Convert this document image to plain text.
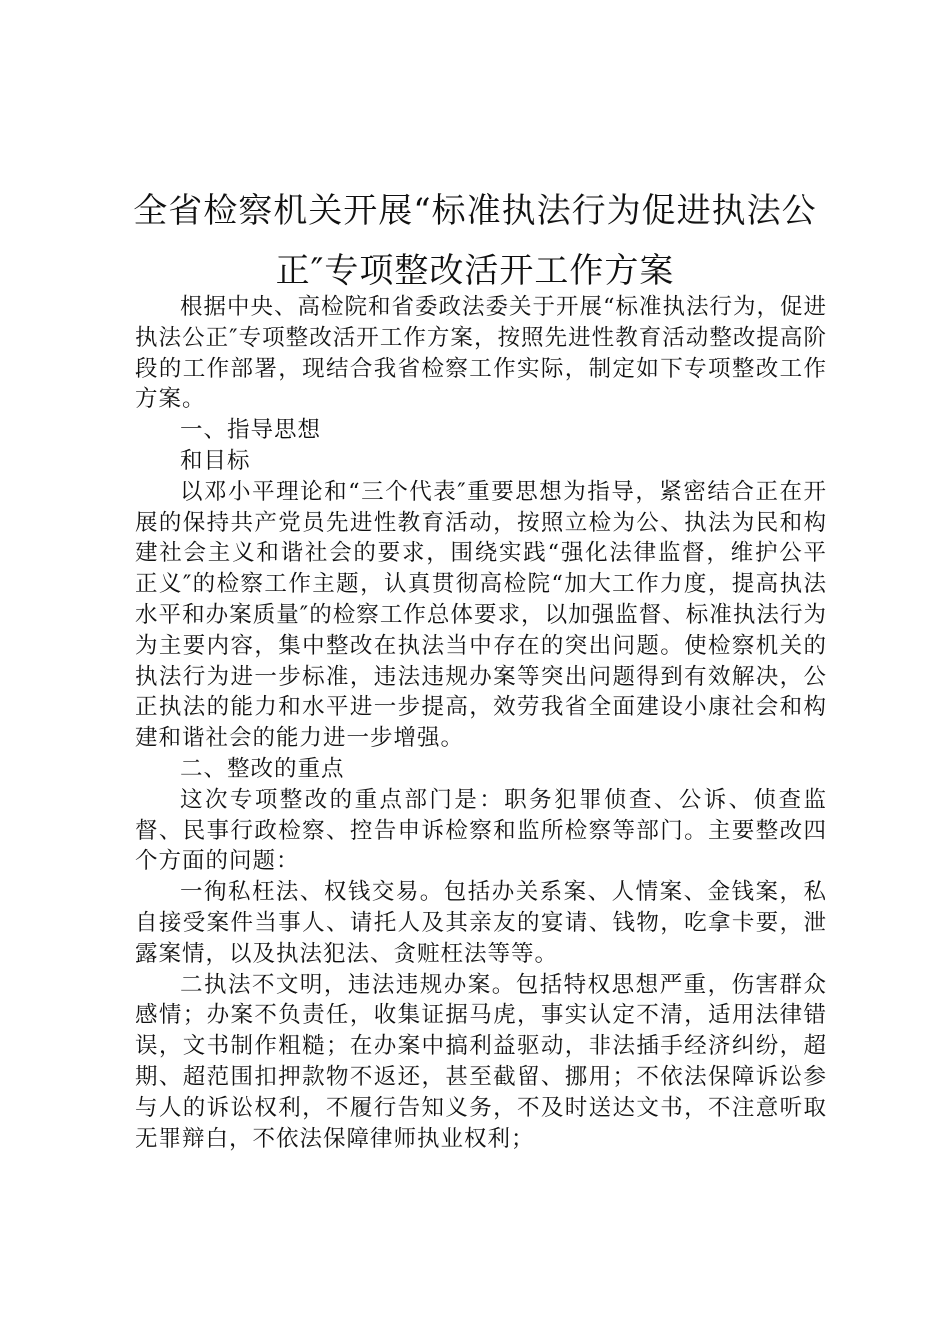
全省检察机关开展“标准执法行为促进执法公
正″专项整改活开工作方案

根据中央、高检院和省委政法委关于开展“标准执法行为，促进执法公正″专项整改活开工作方案，按照先进性教育活动整改提高阶段的工作部署，现结合我省检察工作实际，制定如下专项整改工作方案。

一、指导思想

和目标

以邓小平理论和“三个代表″重要思想为指导，紧密结合正在开展的保持共产党员先进性教育活动，按照立检为公、执法为民和构建社会主义和谐社会的要求，围绕实践“强化法律监督，维护公平正义″的检察工作主题，认真贯彻高检院“加大工作力度，提高执法水平和办案质量″的检察工作总体要求，以加强监督、标准执法行为为主要内容，集中整改在执法当中存在的突出问题。使检察机关的执法行为进一步标准，违法违规办案等突出问题得到有效解决，公正执法的能力和水平进一步提高，效劳我省全面建设小康社会和构建和谐社会的能力进一步增强。

二、整改的重点

这次专项整改的重点部门是：职务犯罪侦查、公诉、侦查监督、民事行政检察、控告申诉检察和监所检察等部门。主要整改四个方面的问题：

一徇私枉法、权钱交易。包括办关系案、人情案、金钱案，私自接受案件当事人、请托人及其亲友的宴请、钱物，吃拿卡要，泄露案情，以及执法犯法、贪赃枉法等等。

二执法不文明，违法违规办案。包括特权思想严重，伤害群众感情；办案不负责任，收集证据马虎，事实认定不清，适用法律错误，文书制作粗糙；在办案中搞利益驱动，非法插手经济纠纷，超期、超范围扣押款物不返还，甚至截留、挪用；不依法保障诉讼参与人的诉讼权利，不履行告知义务，不及时送达文书，不注意听取无罪辩白，不依法保障律师执业权利；
